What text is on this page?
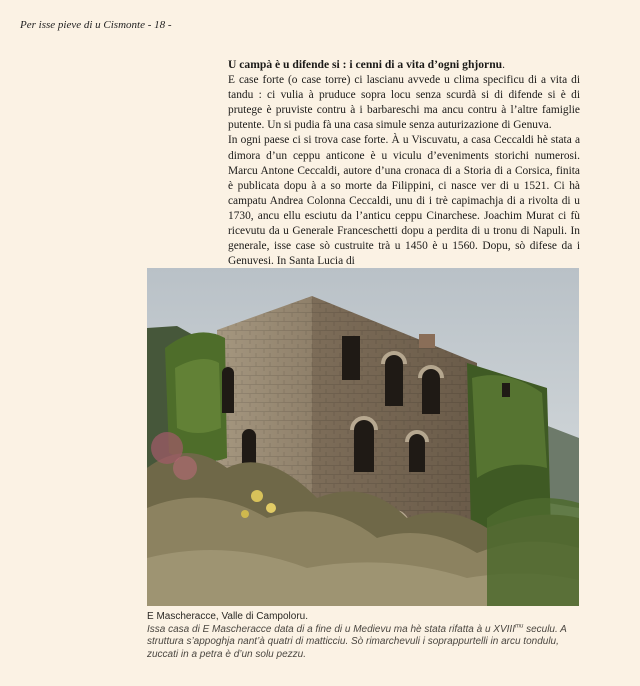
Per isse pieve di u Cismonte - 18 -

U campà è u difende si : i cenni di a vita d’ogni ghjornu.

E case forte (o case torre) ci lascianu avvede u clima specificu di a vita di tandu : ci vulia à pruduce sopra locu senza scurdà si di difende si è di prutege è pruviste contru à i barbareschi ma ancu contru à l’altre famiglie putente. Un si pudia fà una casa simule senza auturizazione di Genuva.

In ogni paese ci si trova case forte. À u Viscuvatu, a casa Ceccaldi hè stata a dimora d’un ceppu anticone è u viculu d’eveniments storichi numerosi. Marcu Antone Ceccaldi, autore d’una cronaca di a Storia di a Corsica, finita è publicata dopu à a so morte da Filippini, ci nasce ver di u 1521. Ci hà campatu Andrea Colonna Ceccaldi, unu di i trè capimachja di a rivolta di u 1730, ancu ellu esciutu da l’anticu ceppu Cinarchese. Joachim Murat ci fù ricevutu da u Generale Franceschetti dopu a perdita di u tronu di Napuli. In generale, isse case sò custruite trà u 1450 è u 1560. Dopu, sò difese da i Genuvesi. In Santa Lucia di

E Mascheracce, Valle di Campoloru.

Issa casa di E Mascheracce data di a fine di u Medievu ma hè stata rifatta à u $XVIII^{mu}$ seculu. A struttura s’appoghja nant’à quatri di matticciu. Sò rimarchevuli i soprappurtelli in arcu tondulu, zuccati in a petra è d’un solu pezzu.
